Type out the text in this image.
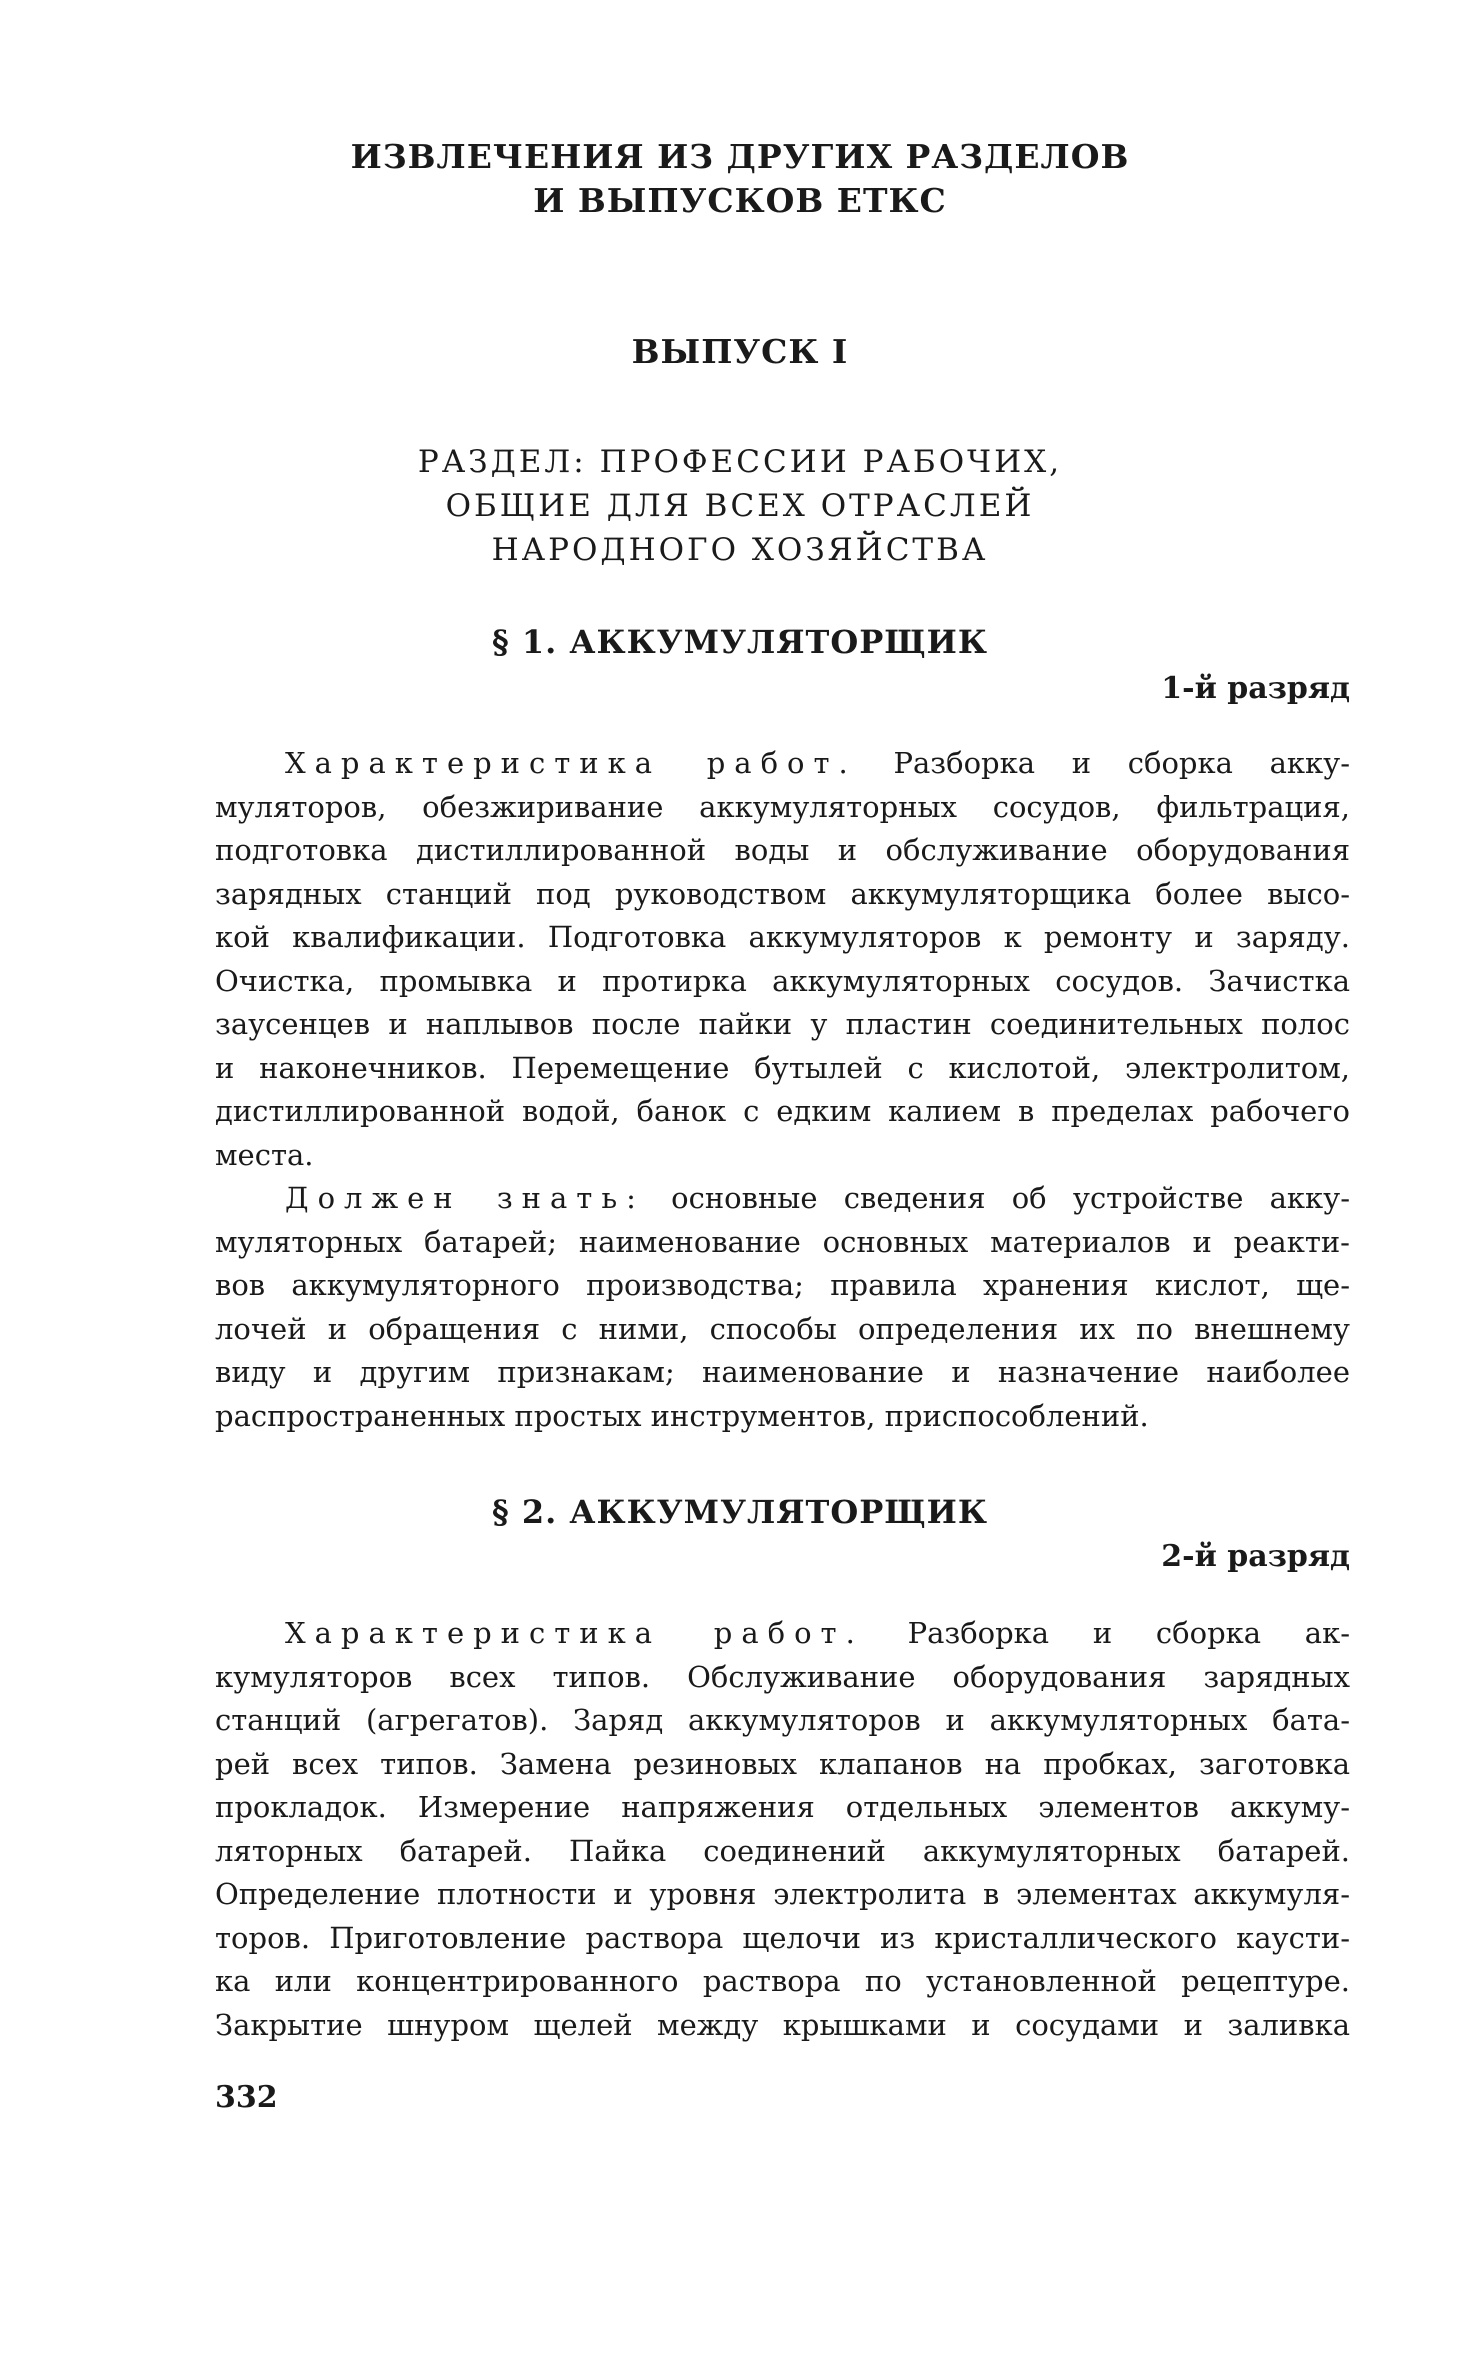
ИЗВЛЕЧЕНИЯ ИЗ ДРУГИХ РАЗДЕЛОВ
И ВЫПУСКОВ ЕТКС
ВЫПУСК I
РАЗДЕЛ: ПРОФЕССИИ РАБОЧИХ,
ОБЩИЕ ДЛЯ ВСЕХ ОТРАСЛЕЙ
НАРОДНОГО ХОЗЯЙСТВА
§ 1. АККУМУЛЯТОРЩИК
1-й разряд
Характеристика работ. Разборка и сборка акку-
муляторов, обезжиривание аккумуляторных сосудов, фильтрация,
подготовка дистиллированной воды и обслуживание оборудования
зарядных станций под руководством аккумуляторщика более высо-
кой квалификации. Подготовка аккумуляторов к ремонту и заряду.
Очистка, промывка и протирка аккумуляторных сосудов. Зачистка
заусенцев и наплывов после пайки у пластин соединительных полос
и наконечников. Перемещение бутылей с кислотой, электролитом,
дистиллированной водой, банок с едким калием в пределах рабочего
места.
Должен знать: основные сведения об устройстве акку-
муляторных батарей; наименование основных материалов и реакти-
вов аккумуляторного производства; правила хранения кислот, ще-
лочей и обращения с ними, способы определения их по внешнему
виду и другим признакам; наименование и назначение наиболее
распространенных простых инструментов, приспособлений.
§ 2. АККУМУЛЯТОРЩИК
2-й разряд
Характеристика работ. Разборка и сборка ак-
кумуляторов всех типов. Обслуживание оборудования зарядных
станций (агрегатов). Заряд аккумуляторов и аккумуляторных бата-
рей всех типов. Замена резиновых клапанов на пробках, заготовка
прокладок. Измерение напряжения отдельных элементов аккуму-
ляторных батарей. Пайка соединений аккумуляторных батарей.
Определение плотности и уровня электролита в элементах аккумуля-
торов. Приготовление раствора щелочи из кристаллического каусти-
ка или концентрированного раствора по установленной рецептуре.
Закрытие шнуром щелей между крышками и сосудами и заливка
332
